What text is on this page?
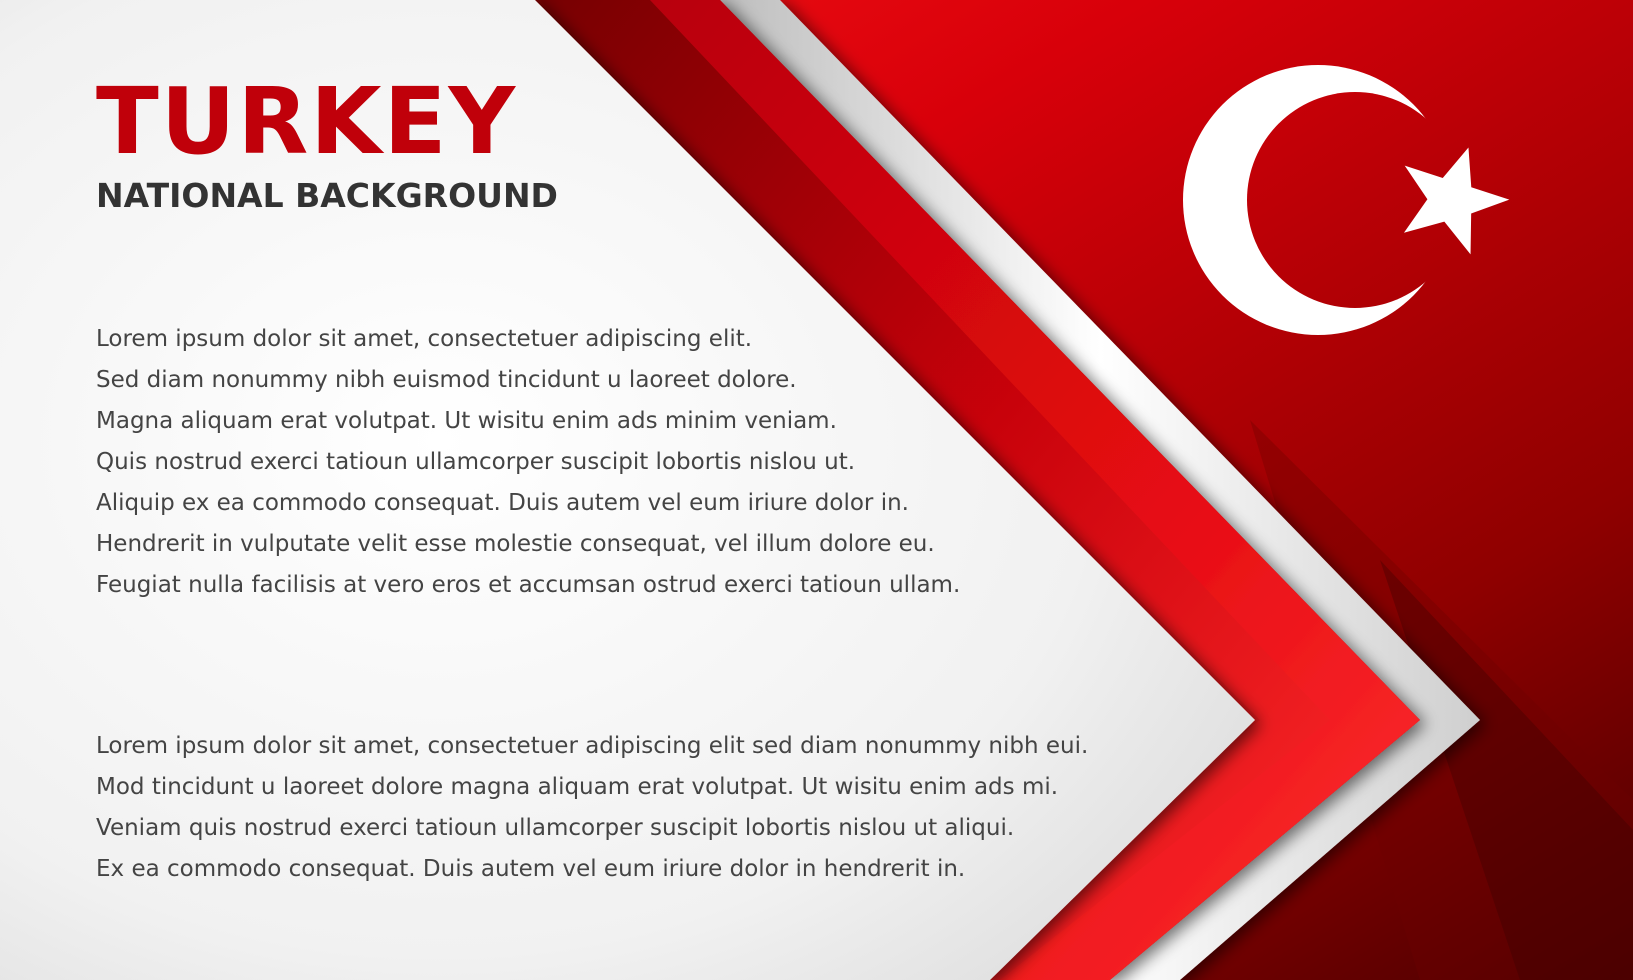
TURKEY
NATIONAL BACKGROUND
Lorem ipsum dolor sit amet, consectetuer adipiscing elit.
Sed diam nonummy nibh euismod tincidunt u laoreet dolore.
Magna aliquam erat volutpat. Ut wisitu enim ads minim veniam.
Quis nostrud exerci tatioun ullamcorper suscipit lobortis nislou ut.
Aliquip ex ea commodo consequat. Duis autem vel eum iriure dolor in.
Hendrerit in vulputate velit esse molestie consequat, vel illum dolore eu.
Feugiat nulla facilisis at vero eros et accumsan ostrud exerci tatioun ullam.
Lorem ipsum dolor sit amet, consectetuer adipiscing elit sed diam nonummy nibh eui.
Mod tincidunt u laoreet dolore magna aliquam erat volutpat. Ut wisitu enim ads mi.
Veniam quis nostrud exerci tatioun ullamcorper suscipit lobortis nislou ut aliqui.
Ex ea commodo consequat. Duis autem vel eum iriure dolor in hendrerit in.
